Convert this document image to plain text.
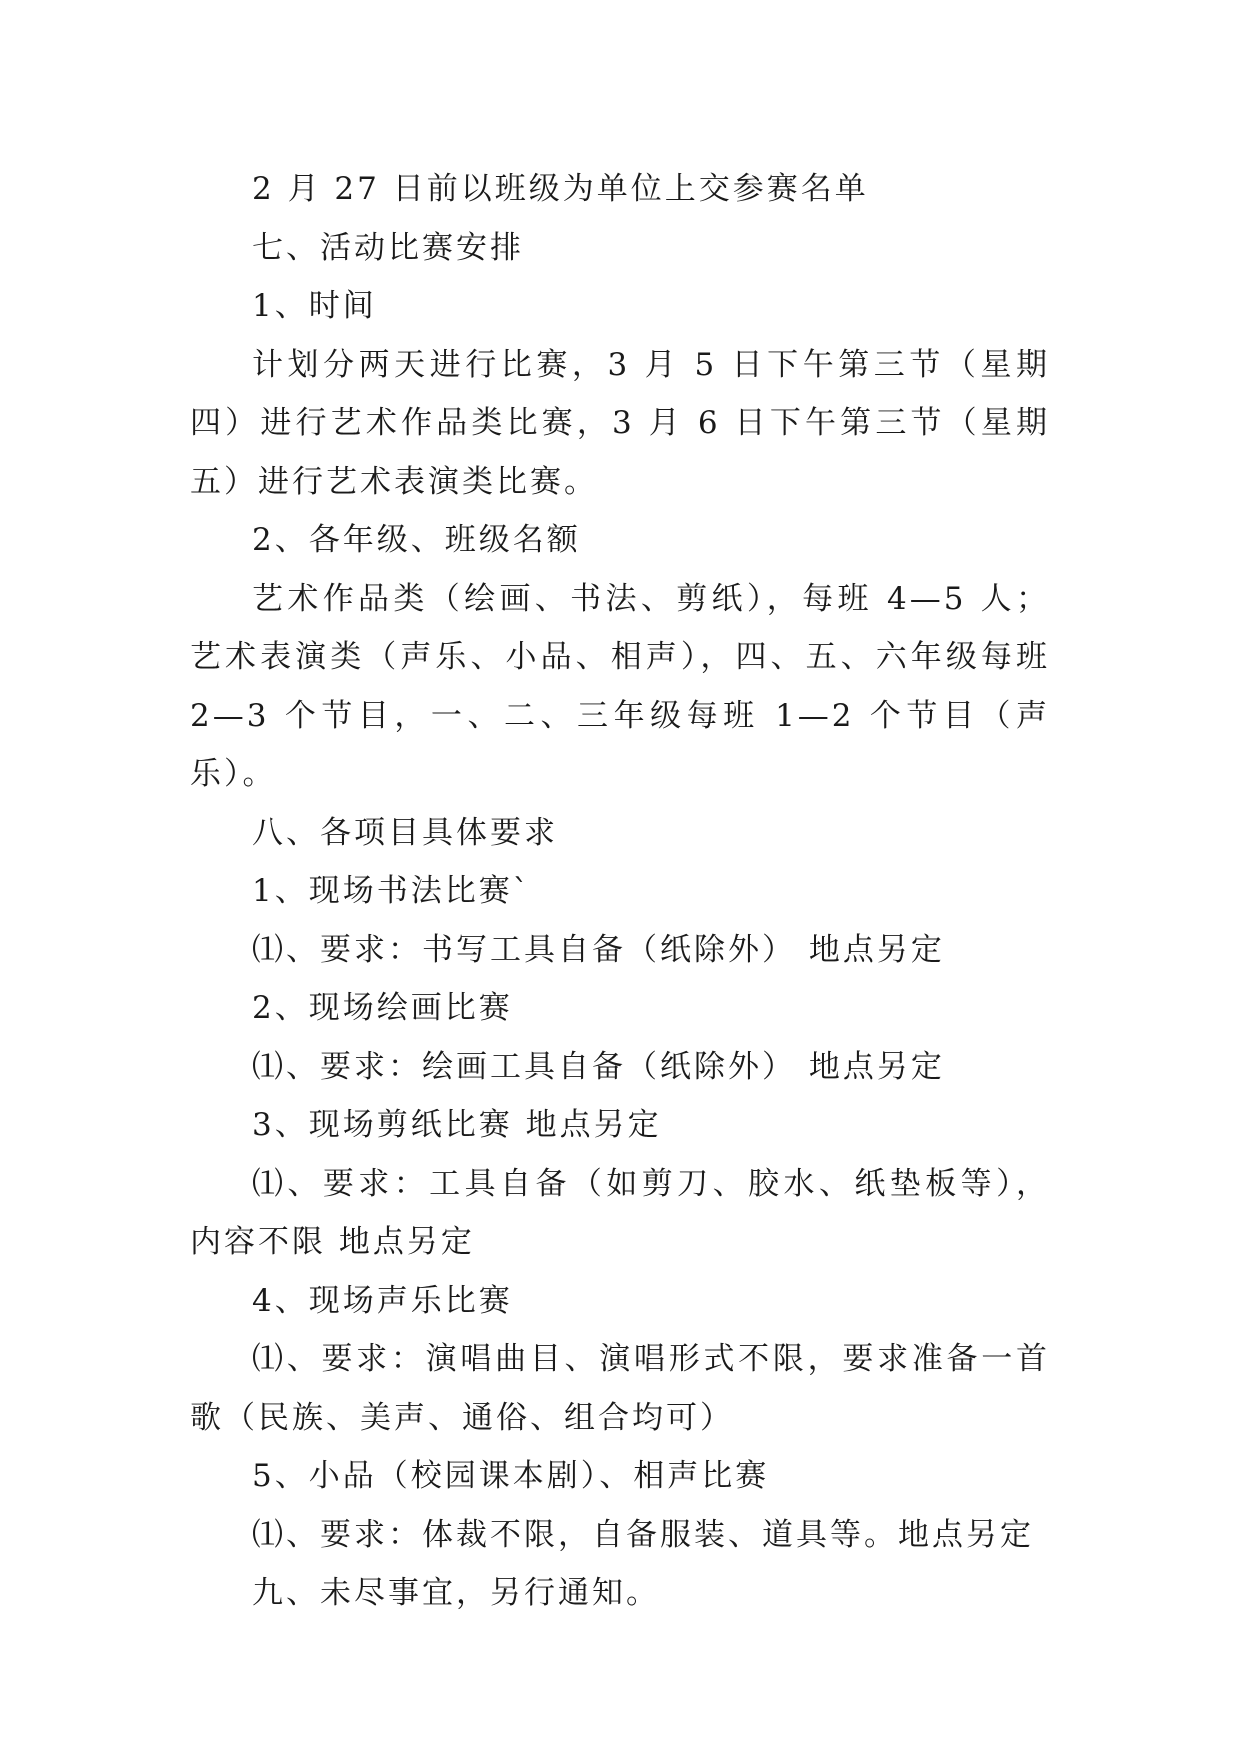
2 月 27 日前以班级为单位上交参赛名单

七、活动比赛安排

1、时间

计划分两天进行比赛，3 月 5 日下午第三节（星期四）进行艺术作品类比赛，3 月 6 日下午第三节（星期五）进行艺术表演类比赛。

2、各年级、班级名额

艺术作品类（绘画、书法、剪纸），每班 4—5 人；艺术表演类（声乐、小品、相声），四、五、六年级每班 2—3 个节目，一、二、三年级每班 1—2 个节目（声乐）。

八、各项目具体要求

1、现场书法比赛`

⑴、要求：书写工具自备（纸除外） 地点另定

2、现场绘画比赛

⑴、要求：绘画工具自备（纸除外） 地点另定

3、现场剪纸比赛 地点另定

⑴、要求：工具自备（如剪刀、胶水、纸垫板等），内容不限 地点另定

4、现场声乐比赛

⑴、要求：演唱曲目、演唱形式不限，要求准备一首歌（民族、美声、通俗、组合均可）

5、小品（校园课本剧）、相声比赛

⑴、要求：体裁不限，自备服装、道具等。地点另定

九、未尽事宜，另行通知。
